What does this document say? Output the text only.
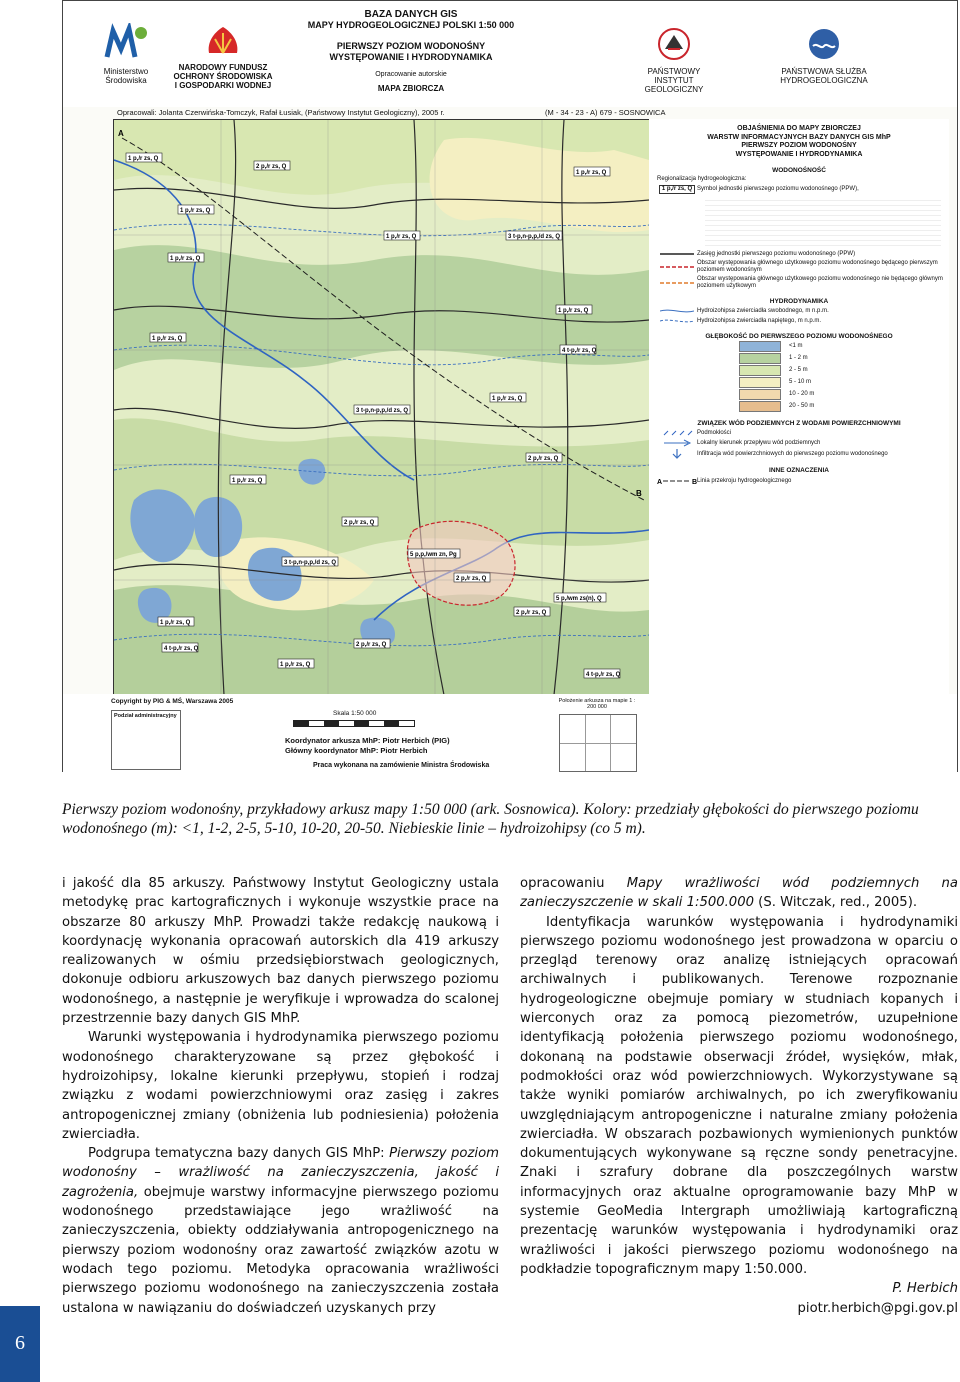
Ministerstwo Środowiska
NARODOWY FUNDUSZ
OCHRONY ŚRODOWISKA
I GOSPODARKI WODNEJ
BAZA DANYCH GIS
MAPY HYDROGEOLOGICZNEJ POLSKI 1:50 000
PIERWSZY POZIOM WODONOŚNY
WYSTĘPOWANIE I HYDRODYNAMIKA
Opracowanie autorskie
MAPA ZBIORCZA
PAŃSTWOWY
INSTYTUT GEOLOGICZNY
PAŃSTWOWA SŁUŻBA
HYDROGEOLOGICZNA
Opracowali: Jolanta Czerwińska-Tomczyk, Rafał Łusiak, (Państwowy Instytut Geologiczny), 2005 r.	(M - 34 - 23 - A) 679 - SOSNOWICA
A
B
1 p,/r zs, Q
2 p,/r zs, Q
1 p,/r zs, Q
1 p,/r zs, Q
1 p,/r zs, Q
1 p,/r zs, Q	3 t-p,n-p,p,/d zs, Q
1 p,/r zs, Q
1 p,/r zs, Q
4 t-p,/r zs, Q
3 t-p,n-p,p,/d zs, Q
1 p,/r zs, Q
2 p,/r zs, Q
1 p,/r zs, Q
2 p,/r zs, Q
5 p,p,/wm zn, Pg
3 t-p,n-p,p,/d zs, Q
2 p,/r zs, Q
5 p,/wm zs(n), Q
1 p,/r zs, Q
2 p,/r zs, Q
2 p,/r zs, Q
4 t-p,/r zs, Q
1 p,/r zs, Q
4 t-p,/r zs, Q
OBJAŚNIENIA DO MAPY ZBIORCZEJ
WARSTW INFORMACYJNYCH BAZY DANYCH GIS MhP
PIERWSZY POZIOM WODONOŚNY
WYSTĘPOWANIE I HYDRODYNAMIKA
WODONOŚNOŚĆ
Regionalizacja hydrogeologiczna:
1 p,/r zs, Q Symbol jednostki pierwszego poziomu wodonośnego (PPW),
Zasięg jednostki pierwszego poziomu wodonośnego (PPW)
Obszar występowania głównego użytkowego poziomu wodonośnego będącego pierwszym poziomem wodonośnym
Obszar występowania głównego użytkowego poziomu wodonośnego nie będącego głównym poziomem użytkowym
HYDRODYNAMIKA
Hydroizohipsa zwierciadła swobodnego, m n.p.m.
Hydroizohipsa zwierciadła napiętego, m n.p.m.
GŁĘBOKOŚĆ DO PIERWSZEGO POZIOMU WODONOŚNEGO
<1 m
1 - 2 m
2 - 5 m
5 - 10 m
10 - 20 m
20 - 50 m
ZWIĄZEK WÓD PODZIEMNYCH Z WODAMI POWIERZCHNIOWYMI
Podmokłości
Lokalny kierunek przepływu wód podziemnych
Infiltracja wód powierzchniowych do pierwszego poziomu wodonośnego
INNE OZNACZENIA
A	B Linia przekroju hydrogeologicznego
Copyright by PIG & MŚ, Warszawa 2005
Podział administracyjny	Skala 1:50 000
Koordynator arkusza MhP: Piotr Herbich (PIG)
Główny koordynator MhP: Piotr Herbich
Praca wykonana na zamówienie Ministra Środowiska
Położenie arkusza na mapie 1 : 200 000
Pierwszy poziom wodonośny, przykładowy arkusz mapy 1:50 000 (ark. Sosnowica). Kolory: przedziały głębokości do pierwszego poziomu wodonośnego (m): <1, 1-2, 2-5, 5-10, 10-20, 20-50. Niebieskie linie – hydroizohipsy (co 5 m).

i jakość dla 85 arkuszy. Państwowy Instytut Geologiczny ustala metodykę prac kartograficznych i wykonuje wszystkie prace na obszarze 80 arkuszy MhP. Prowadzi także redakcję naukową i koordynację wykonania opracowań autorskich dla 419 arkuszy realizowanych w ośmiu przedsiębiorstwach geologicznych, dokonuje odbioru arkuszowych baz danych pierwszego poziomu wodonośnego, a następnie je weryfikuje i wprowadza do scalonej przestrzennie bazy danych GIS MhP.

Warunki występowania i hydrodynamika pierwszego poziomu wodonośnego charakteryzowane są przez głębokość i hydroizohipsy, lokalne kierunki przepływu, stopień i rodzaj związku z wodami powierzchniowymi oraz zasięg i zakres antropogenicznej zmiany (obniżenia lub podniesienia) położenia zwierciadła.

Podgrupa tematyczna bazy danych GIS MhP: Pierwszy poziom wodonośny – wrażliwość na zanieczyszczenia, jakość i zagrożenia, obejmuje warstwy informacyjne pierwszego poziomu wodonośnego przedstawiające jego wrażliwość na zanieczyszczenia, obiekty oddziaływania antropogenicznego na pierwszy poziom wodonośny oraz zawartość związków azotu w wodach tego poziomu. Metodyka opracowania wrażliwości pierwszego poziomu wodonośnego na zanieczyszczenia została ustalona w nawiązaniu do doświadczeń uzyskanych przy

opracowaniu Mapy wrażliwości wód podziemnych na zanieczyszczenie w skali 1:500.000 (S. Witczak, red., 2005).

Identyfikacja warunków występowania i hydrodynamiki pierwszego poziomu wodonośnego jest prowadzona w oparciu o przegląd terenowy oraz analizę istniejących opracowań archiwalnych i publikowanych. Terenowe rozpoznanie hydrogeologiczne obejmuje pomiary w studniach kopanych i wierconych oraz za pomocą piezometrów, uzupełnione identyfikacją położenia pierwszego poziomu wodonośnego, dokonaną na podstawie obserwacji źródeł, wysięków, młak, podmokłości oraz wód powierzchniowych. Wykorzystywane są także wyniki pomiarów archiwalnych, po ich zweryfikowaniu uwzględniającym antropogeniczne i naturalne zmiany położenia zwierciadła. W obszarach pozbawionych wymienionych punktów dokumentujących wykonywane są ręczne sondy penetracyjne. Znaki i szrafury dobrane dla poszczególnych warstw informacyjnych oraz aktualne oprogramowanie bazy MhP w systemie GeoMedia Intergraph umożliwiają kartograficzną prezentację warunków występowania i hydrodynamiki oraz wrażliwości i jakości pierwszego poziomu wodonośnego na podkładzie topograficznym mapy 1:50.000.

P. Herbich

piotr.herbich@pgi.gov.pl

6
